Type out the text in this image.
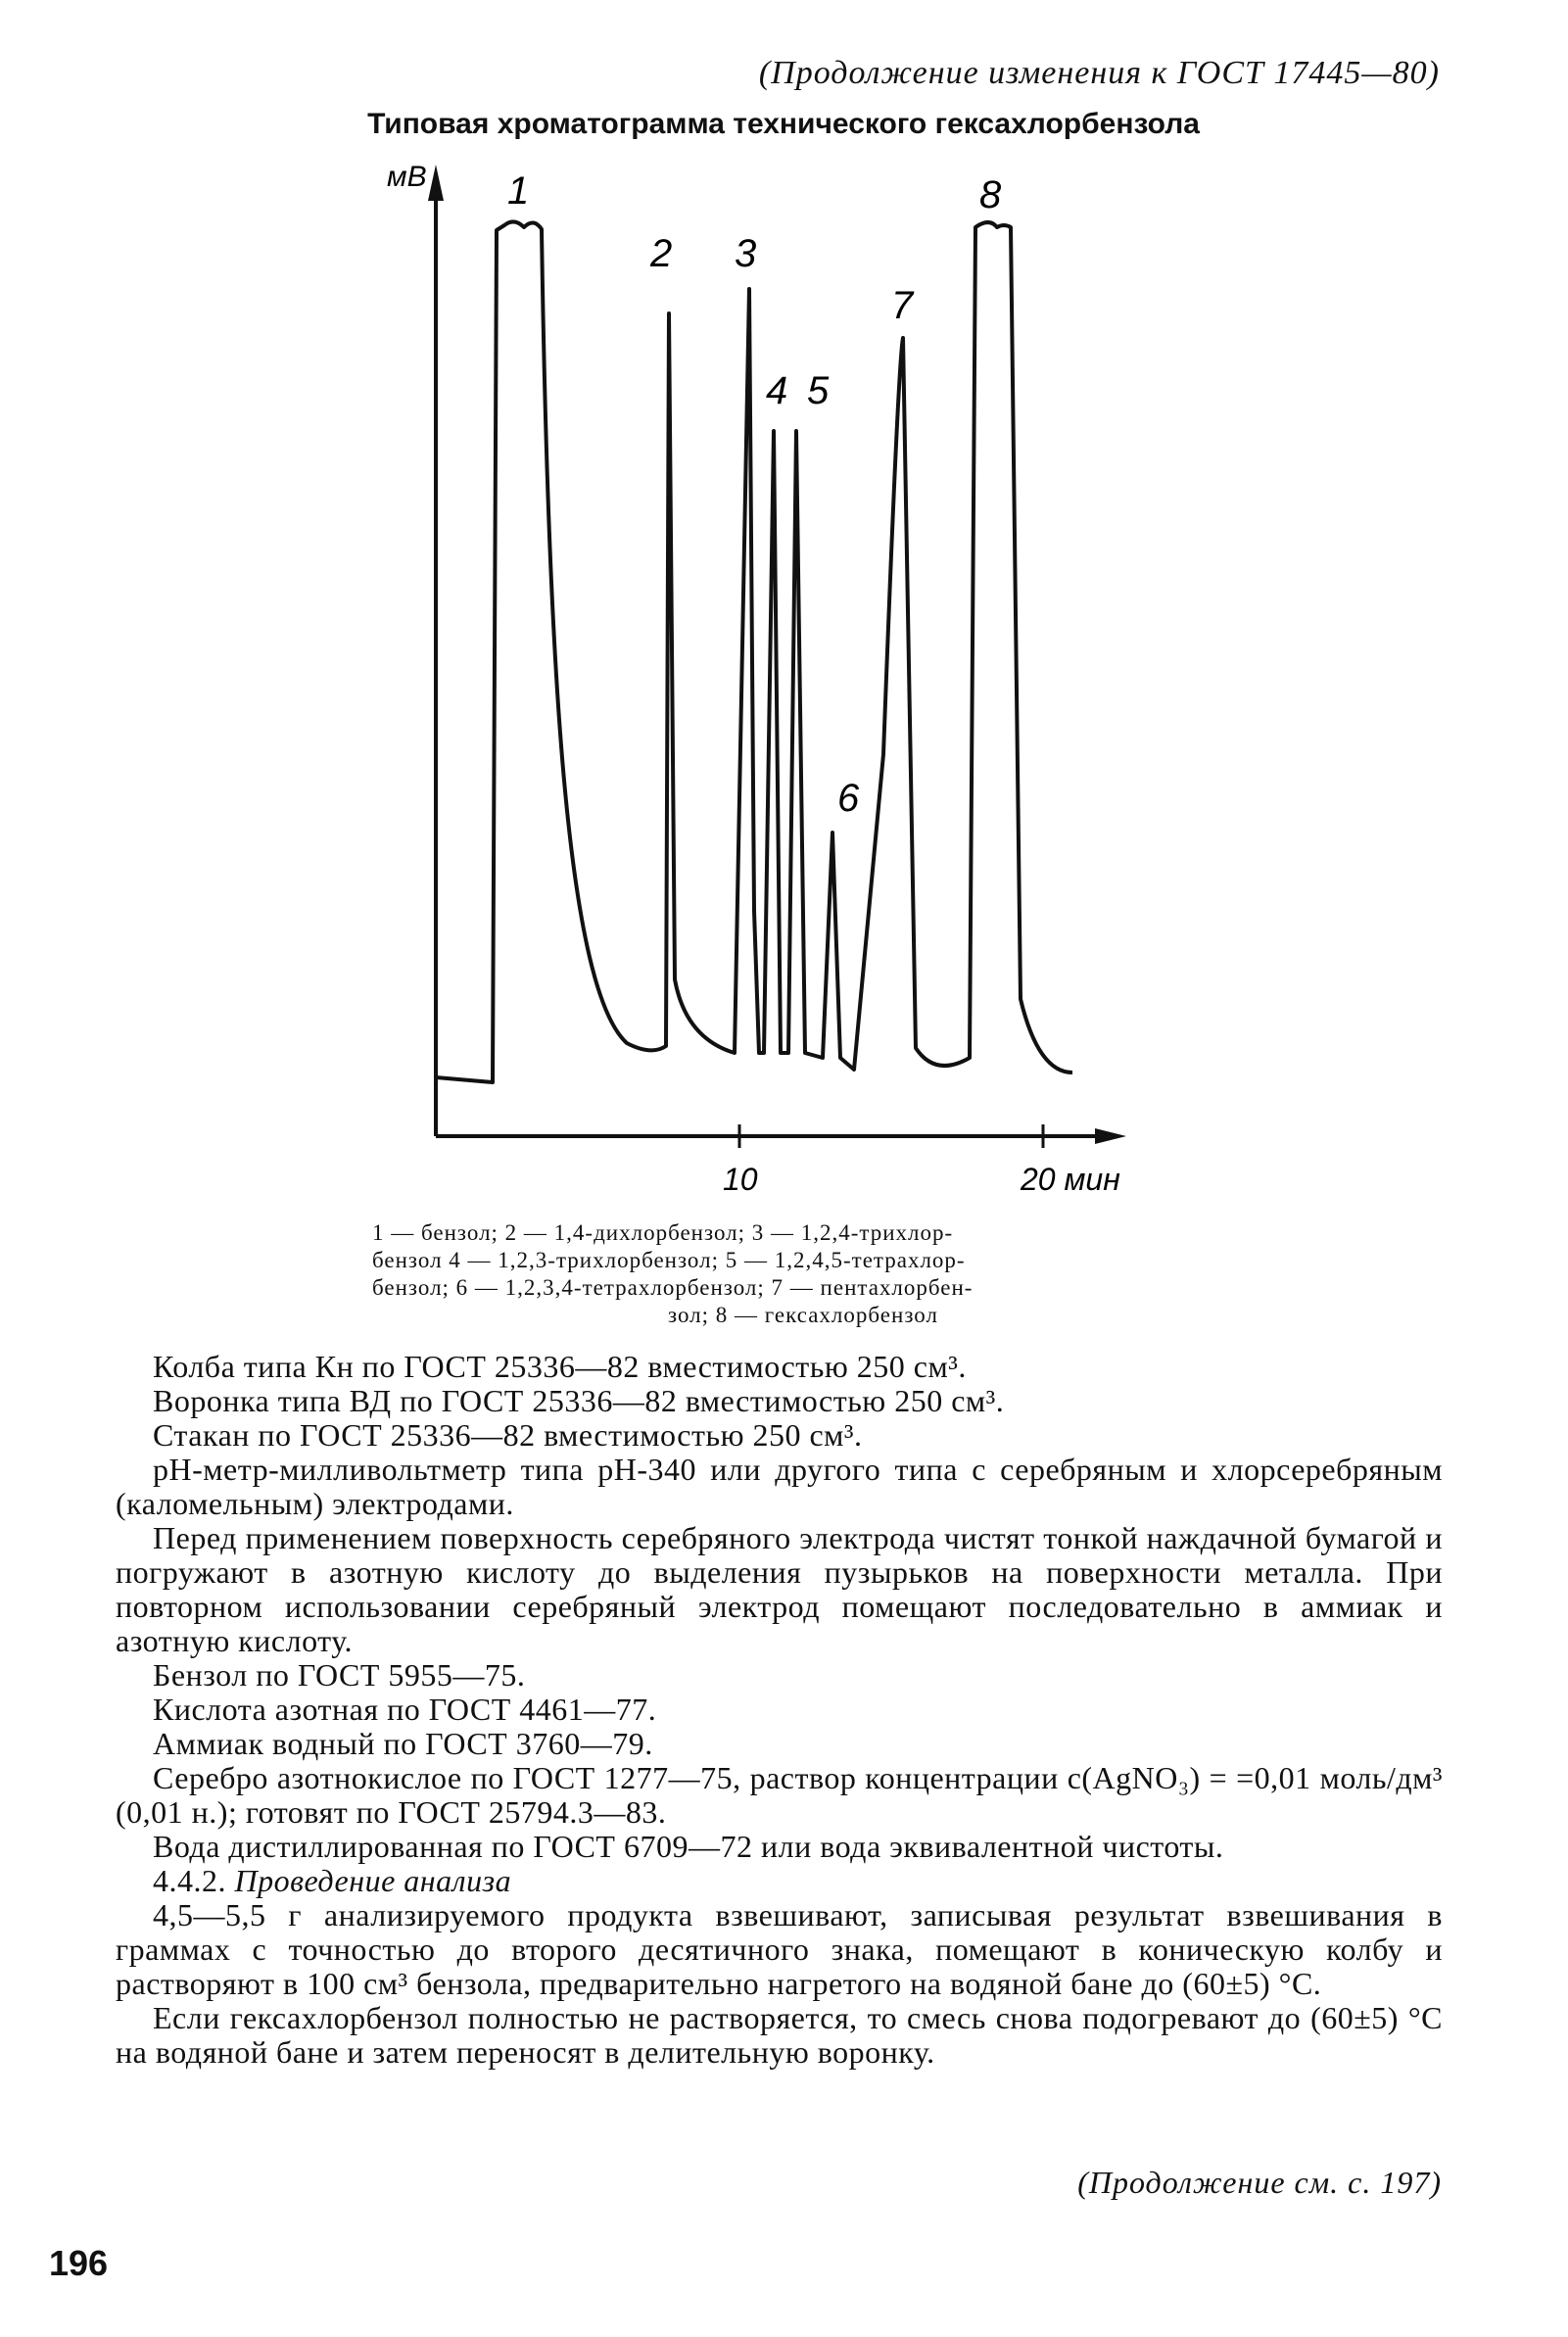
(Продолжение изменения к ГОСТ 17445—80)
Типовая хроматограмма технического гексахлорбензола
мВ
10	20 мин
1
2 3
4 5
6
7
8
1 — бензол; 2 — 1,4-дихлорбензол; 3 — 1,2,4-трихлор-
бензол 4 — 1,2,3-трихлорбензол; 5 — 1,2,4,5-тетрахлор-
бензол; 6 — 1,2,3,4-тетрахлорбензол; 7 — пентахлорбен-
зол; 8 — гексахлорбензол

Колба типа Кн по ГОСТ 25336—82 вместимостью 250 см³.

Воронка типа ВД по ГОСТ 25336—82 вместимостью 250 см³.

Стакан по ГОСТ 25336—82 вместимостью 250 см³.

рН-метр-милливольтметр типа рН-340 или другого типа с серебряным и хлорсеребряным (каломельным) электродами.

Перед применением поверхность серебряного электрода чистят тонкой наждачной бумагой и погружают в азотную кислоту до выделения пузырьков на поверхности металла. При повторном использовании серебряный электрод помещают последовательно в аммиак и азотную кислоту.

Бензол по ГОСТ 5955—75.

Кислота азотная по ГОСТ 4461—77.

Аммиак водный по ГОСТ 3760—79.

Серебро азотнокислое по ГОСТ 1277—75, раствор концентрации с(AgNO₃) = =0,01 моль/дм³ (0,01 н.); готовят по ГОСТ 25794.3—83.

Вода дистиллированная по ГОСТ 6709—72 или вода эквивалентной чистоты.

4.4.2. Проведение анализа

4,5—5,5 г анализируемого продукта взвешивают, записывая результат взвешивания в граммах с точностью до второго десятичного знака, помещают в коническую колбу и растворяют в 100 см³ бензола, предварительно нагретого на водяной бане до (60±5) °С.

Если гексахлорбензол полностью не растворяется, то смесь снова подогревают до (60±5) °С на водяной бане и затем переносят в делительную воронку.

(Продолжение см. с. 197)
196
